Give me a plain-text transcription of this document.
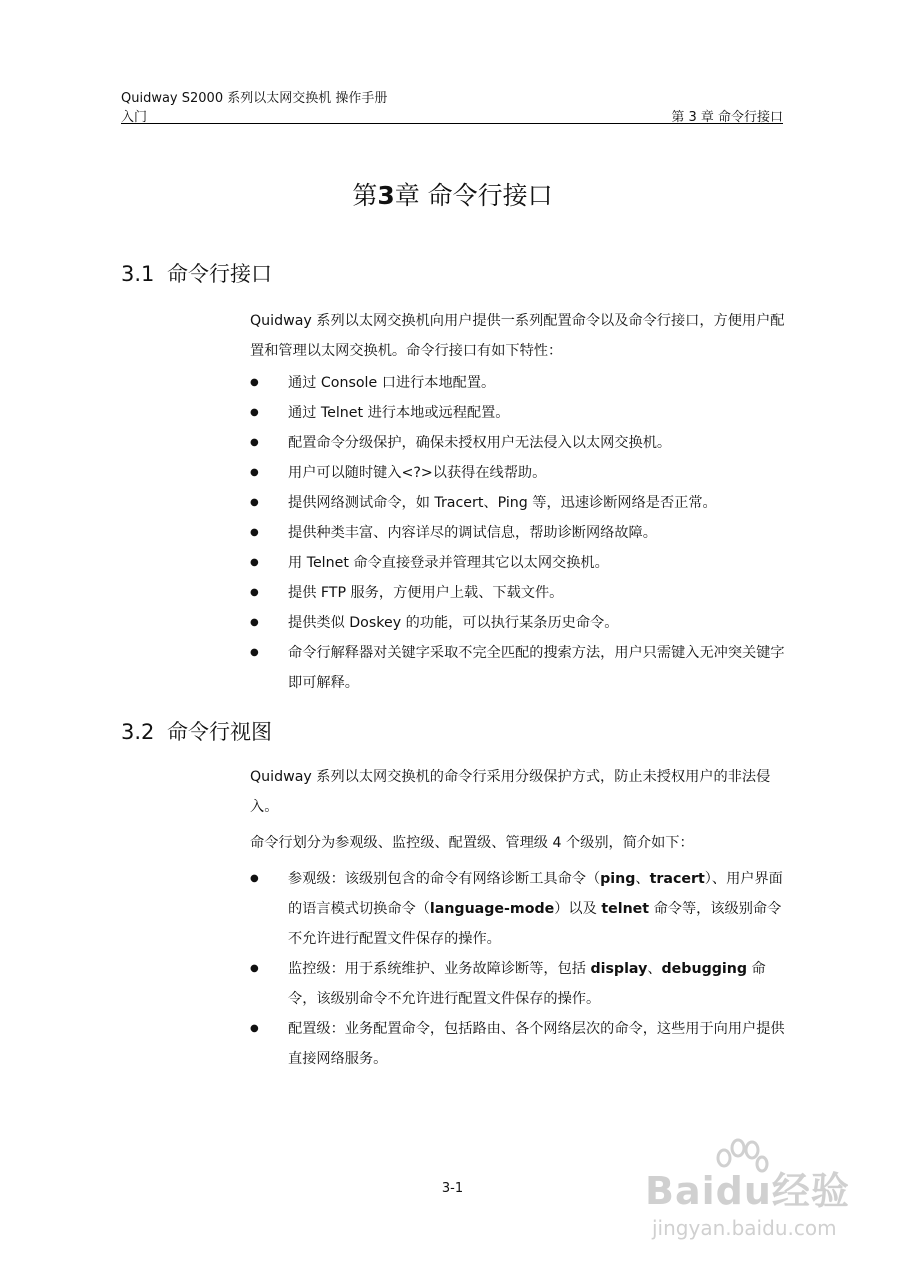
Quidway S2000 系列以太网交换机 操作手册
入门	第 3 章 命令行接口
第3章 命令行接口
3.1 命令行接口

Quidway 系列以太网交换机向用户提供一系列配置命令以及命令行接口，方便用户配置和管理以太网交换机。命令行接口有如下特性：

● 通过 Console 口进行本地配置。
● 通过 Telnet 进行本地或远程配置。
● 配置命令分级保护，确保未授权用户无法侵入以太网交换机。
● 用户可以随时键入<?>以获得在线帮助。
● 提供网络测试命令，如 Tracert、Ping 等，迅速诊断网络是否正常。
● 提供种类丰富、内容详尽的调试信息，帮助诊断网络故障。
● 用 Telnet 命令直接登录并管理其它以太网交换机。
● 提供 FTP 服务，方便用户上载、下载文件。
● 提供类似 Doskey 的功能，可以执行某条历史命令。
● 命令行解释器对关键字采取不完全匹配的搜索方法，用户只需键入无冲突关键字即可解释。
3.2 命令行视图

Quidway 系列以太网交换机的命令行采用分级保护方式，防止未授权用户的非法侵入。

命令行划分为参观级、监控级、配置级、管理级 4 个级别，简介如下：

● 参观级：该级别包含的命令有网络诊断工具命令（ping、tracert）、用户界面的语言模式切换命令（language-mode）以及 telnet 命令等，该级别命令不允许进行配置文件保存的操作。
● 监控级：用于系统维护、业务故障诊断等，包括 display、debugging 命令，该级别命令不允许进行配置文件保存的操作。
● 配置级：业务配置命令，包括路由、各个网络层次的命令，这些用于向用户提供直接网络服务。
3-1	Baidu经验
jingyan.baidu.com
